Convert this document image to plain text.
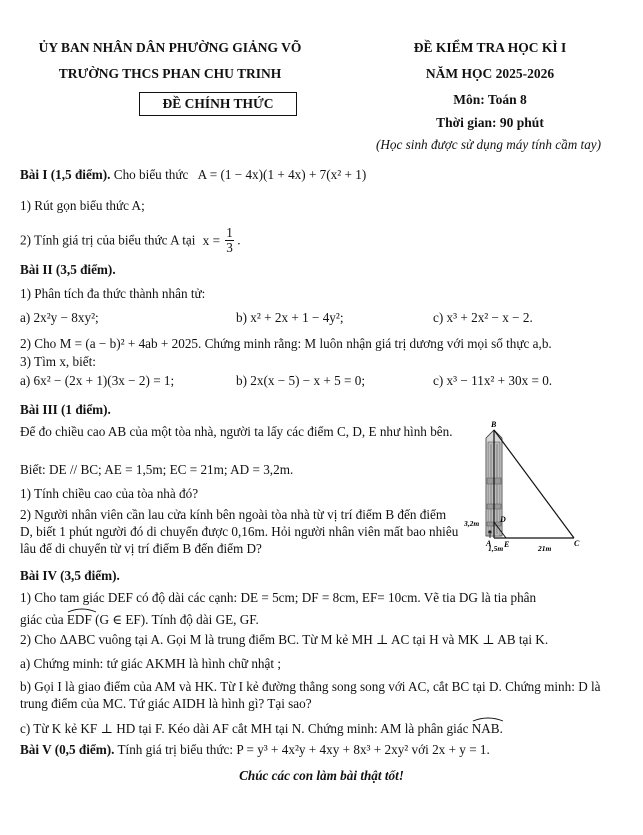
ỦY BAN NHÂN DÂN PHƯỜNG GIẢNG VÕ
TRƯỜNG THCS PHAN CHU TRINH
ĐỀ CHÍNH THỨC
ĐỀ KIỂM TRA HỌC KÌ I
NĂM HỌC 2025-2026
Môn: Toán 8
Thời gian: 90 phút
(Học sinh được sử dụng máy tính cầm tay)
Bài I (1,5 điểm). Cho biểu thức A = (1 − 4x)(1 + 4x) + 7(x² + 1)
1) Rút gọn biểu thức A;
2) Tính giá trị của biểu thức A tại $x = \frac{1}{3}$ .
Bài II (3,5 điểm).
1) Phân tích đa thức thành nhân tử:
a) 2x²y − 8xy²;	b) x² + 2x + 1 − 4y²;	c) x³ + 2x² − x − 2.
2) Cho M = (a − b)² + 4ab + 2025. Chứng minh rằng: M luôn nhận giá trị dương với mọi số thực a,b.
3) Tìm x, biết:
a) 6x² − (2x + 1)(3x − 2) = 1;	b) 2x(x − 5) − x + 5 = 0;	c) x³ − 11x² + 30x = 0.
Bài III (1 điểm).
Để đo chiều cao AB của một tòa nhà, người ta lấy các điểm C, D, E như hình bên.
Biết: DE // BC; AE = 1,5m; EC = 21m; AD = 3,2m.
1) Tính chiều cao của tòa nhà đó?
2) Người nhân viên cần lau cửa kính bên ngoài tòa nhà từ vị trí điểm B đến điểm D, biết 1 phút người đó di chuyển được 0,16m. Hỏi người nhân viên mất bao nhiêu lâu để di chuyển từ vị trí điểm B đến điểm D?
B
D
A E	C
3,2m
1,5m	21m
Bài IV (3,5 điểm).
1) Cho tam giác DEF có độ dài các cạnh: DE = 5cm; DF = 8cm, EF= 10cm. Vẽ tia DG là tia phân
giác của EDF (G ∈ EF). Tính độ dài GE, GF.
2) Cho ΔABC vuông tại A. Gọi M là trung điểm BC. Từ M kẻ MH ⊥ AC tại H và MK ⊥ AB tại K.
a) Chứng minh: tứ giác AKMH là hình chữ nhật ;
b) Gọi I là giao điểm của AM và HK. Từ I kẻ đường thẳng song song với AC, cắt BC tại D. Chứng minh: D là trung điểm của MC. Tứ giác AIDH là hình gì? Tại sao?
c) Từ K kẻ KF ⊥ HD tại F. Kéo dài AF cắt MH tại N. Chứng minh: AM là phân giác NAB.
Bài V (0,5 điểm). Tính giá trị biểu thức: P = y³ + 4x²y + 4xy + 8x³ + 2xy² với 2x + y = 1.
Chúc các con làm bài thật tốt!
